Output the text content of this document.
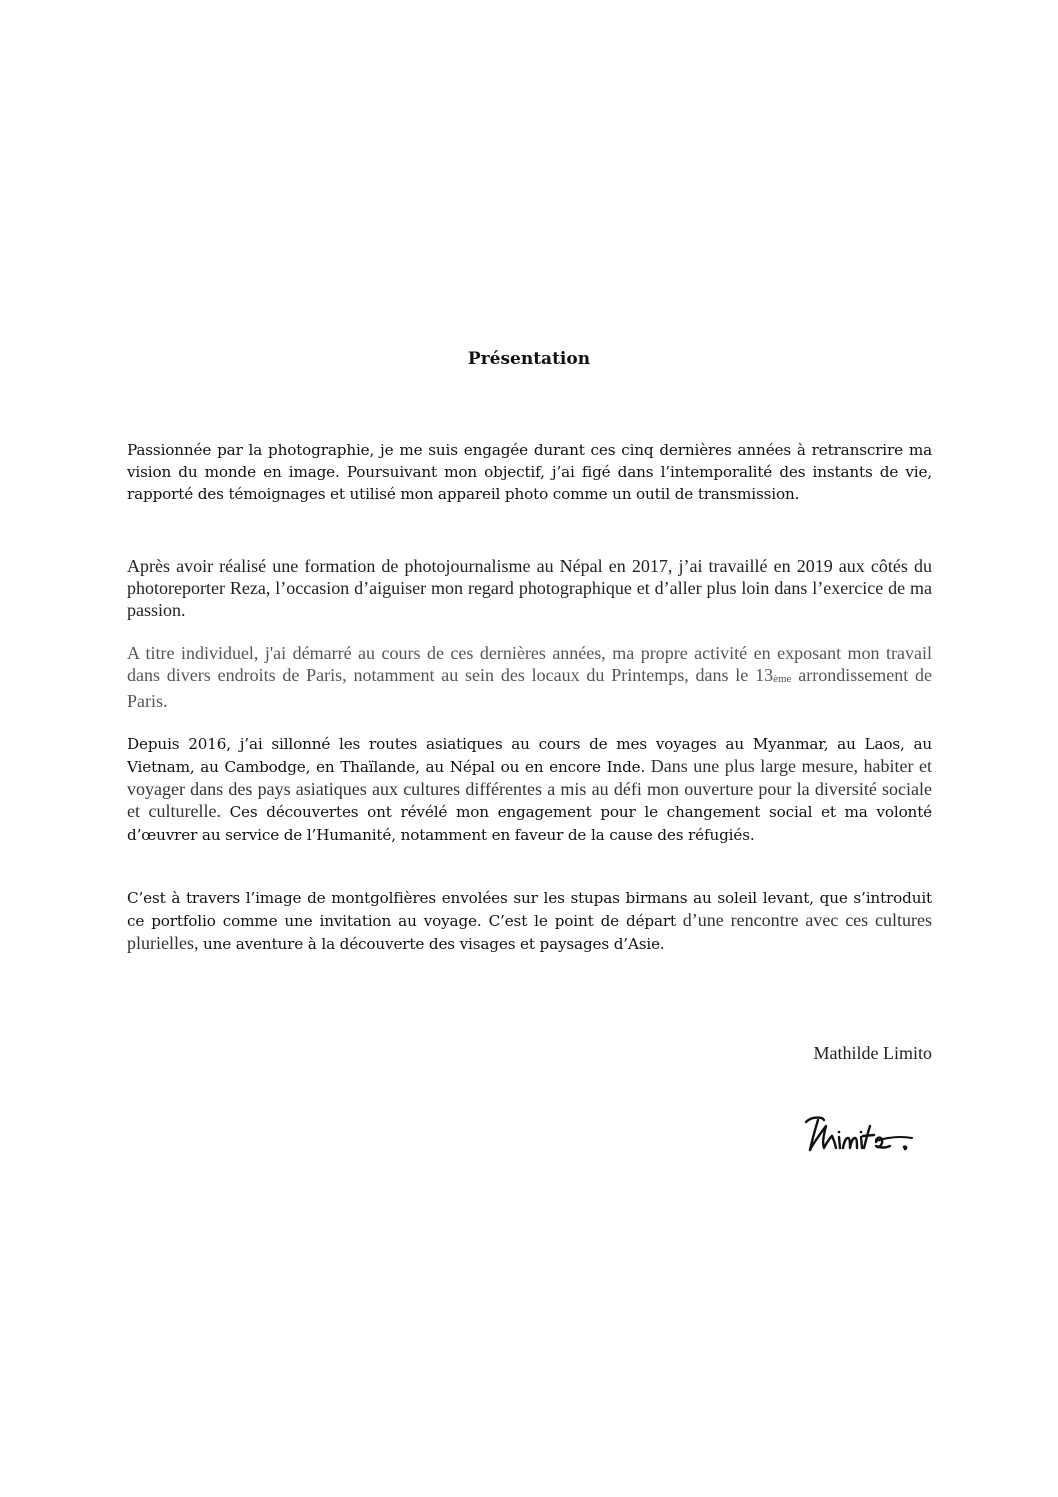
Présentation

Passionnée par la photographie, je me suis engagée durant ces cinq dernières années à retranscrire ma vision du monde en image. Poursuivant mon objectif, j’ai figé dans l’intemporalité des instants de vie, rapporté des témoignages et utilisé mon appareil photo comme un outil de transmission.

Après avoir réalisé une formation de photojournalisme au Népal en 2017, j’ai travaillé en 2019 aux côtés du photoreporter Reza, l’occasion d’aiguiser mon regard photographique et d’aller plus loin dans l’exercice de ma passion.

A titre individuel, j'ai démarré au cours de ces dernières années, ma propre activité en exposant mon travail dans divers endroits de Paris, notamment au sein des locaux du Printemps, dans le 13ème arrondissement de Paris.

Depuis 2016, j’ai sillonné les routes asiatiques au cours de mes voyages au Myanmar, au Laos, au Vietnam, au Cambodge, en Thaïlande, au Népal ou en encore Inde. Dans une plus large mesure, habiter et voyager dans des pays asiatiques aux cultures différentes a mis au défi mon ouverture pour la diversité sociale et culturelle. Ces découvertes ont révélé mon engagement pour le changement social et ma volonté d’œuvrer au service de l’Humanité, notamment en faveur de la cause des réfugiés.

C’est à travers l’image de montgolfières envolées sur les stupas birmans au soleil levant, que s’introduit ce portfolio comme une invitation au voyage. C’est le point de départ d’une rencontre avec ces cultures plurielles, une aventure à la découverte des visages et paysages d’Asie.

Mathilde Limito
